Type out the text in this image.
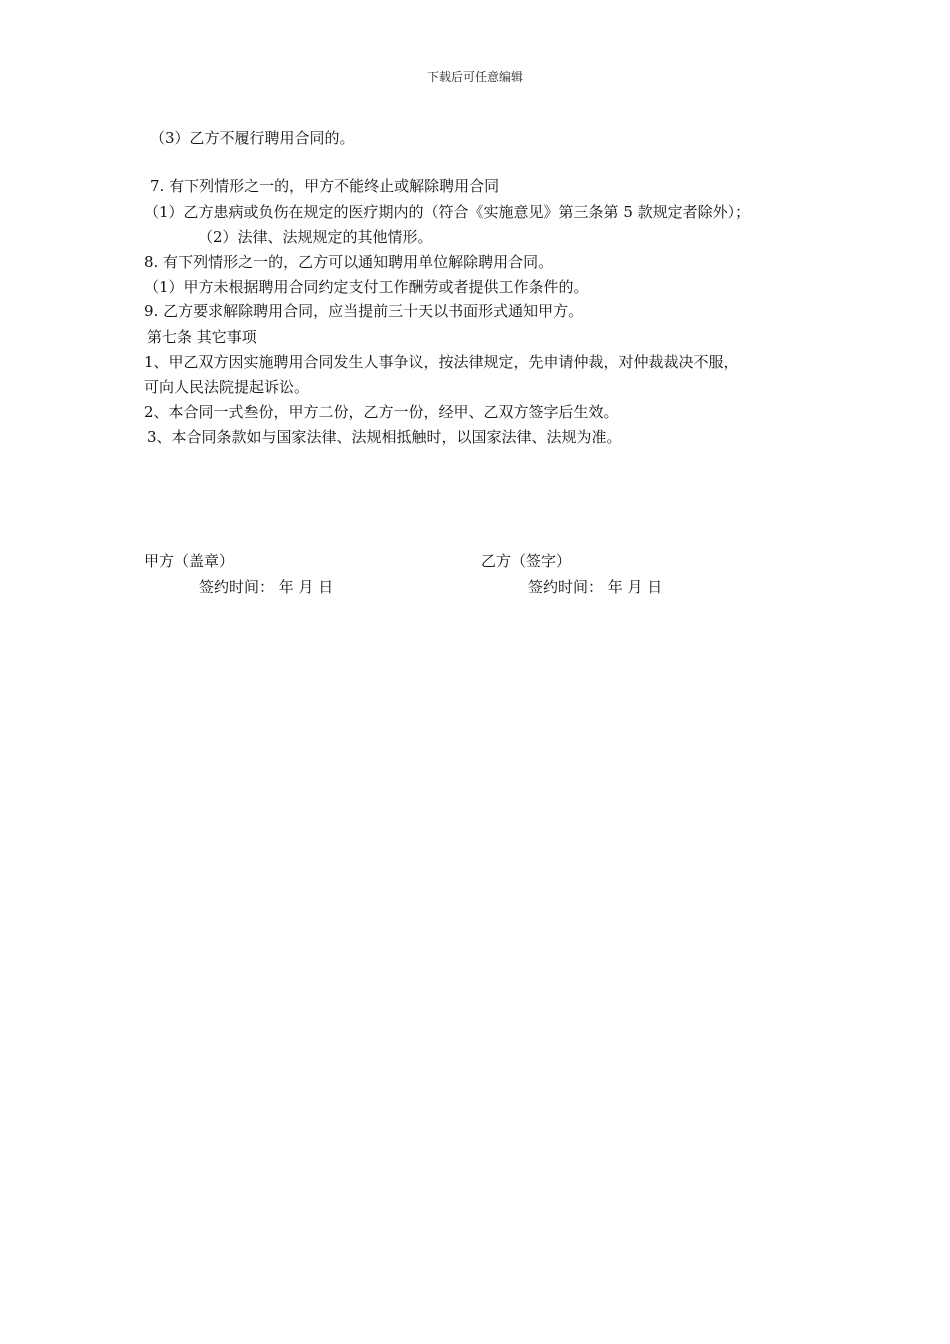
下载后可任意编辑
（3）乙方不履行聘用合同的。
7. 有下列情形之一的，甲方不能终止或解除聘用合同
（1）乙方患病或负伤在规定的医疗期内的（符合《实施意见》第三条第 5 款规定者除外）；
（2）法律、法规规定的其他情形。
8. 有下列情形之一的，乙方可以通知聘用单位解除聘用合同。
（1）甲方未根据聘用合同约定支付工作酬劳或者提供工作条件的。
9. 乙方要求解除聘用合同，应当提前三十天以书面形式通知甲方。
第七条 其它事项
1、甲乙双方因实施聘用合同发生人事争议，按法律规定，先申请仲裁，对仲裁裁决不服，
可向人民法院提起诉讼。
2、本合同一式叁份，甲方二份，乙方一份，经甲、乙双方签字后生效。
3、本合同条款如与国家法律、法规相抵触时，以国家法律、法规为准。
甲方（盖章）	乙方（签字）
签约时间： 年 月 日	签约时间： 年 月 日
